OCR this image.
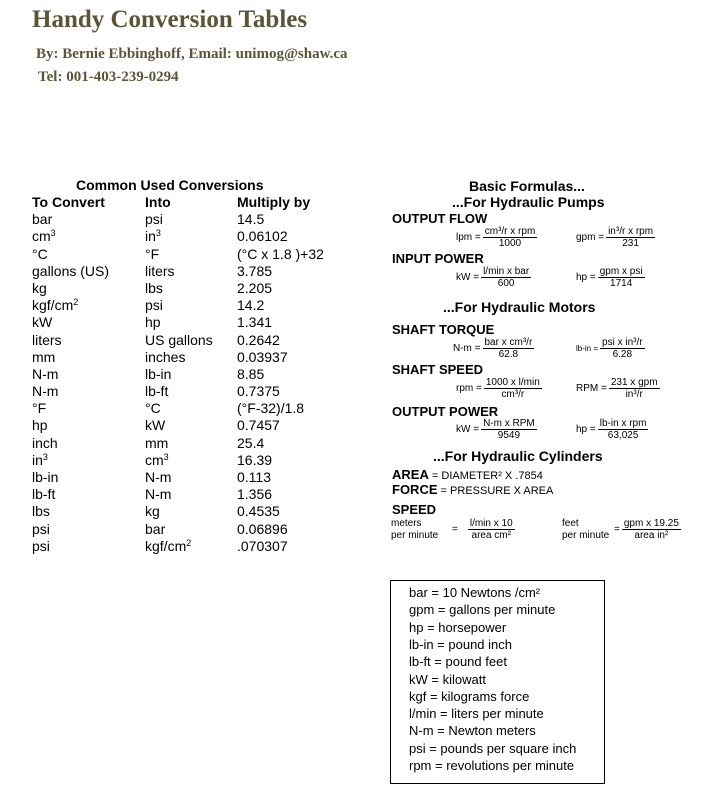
Handy Conversion Tables
By: Bernie Ebbinghoff, Email: unimog@shaw.ca
Tel: 001-403-239-0294
Common Used Conversions
To Convert	Into	Multiply by
bar	psi	14.5
$cm^3$	$in^3$	0.06102
°C	°F	(°C x 1.8 )+32
gallons (US)	liters	3.785
kg	lbs	2.205
kgf/$cm^2$	psi	14.2
kW	hp	1.341
liters	US gallons 0.2642
mm	inches	0.03937
N-m	lb-in	8.85
N-m	lb-ft	0.7375
°F	°C	(°F-32)/1.8
hp	kW	0.7457
inch	mm	25.4
$in^3$	$cm^3$	16.39
lb-in	N-m	0.113
lb-ft	N-m	1.356
lbs	kg	0.4535
psi	bar	0.06896
psi	kgf/$cm^2$	.070307
Basic Formulas...
...For Hydraulic Pumps
OUTPUT FLOW
lpm = $\frac{\text{cm³/r x rpm}}{1000}$	gpm = $\frac{\text{in³/r x rpm}}{231}$
INPUT POWER
kW = $\frac{\text{l/min x bar}}{600}$	hp = $\frac{\text{gpm x psi}}{1714}$
...For Hydraulic Motors
SHAFT TORQUE
$N-m = \frac{\text{bar x cm³/r}}{62.8}$	$lb-in = \frac{\text{psi x in³/r}}{6.28}$
SHAFT SPEED
rpm = $\frac{\text{1000 x l/min}}{\text{cm³/r}}$	RPM = $\frac{\text{231 x gpm}}{\text{in³/r}}$
OUTPUT POWER
kW = $\frac{\text{N-m x RPM}}{9549}$	hp = $\frac{\text{lb-in x rpm}}{63,025}$
...For Hydraulic Cylinders
AREA = DIAMETER² X .7854
FORCE = PRESSURE X AREA
SPEED
meters
per minute
= $\frac{\text{l/min x 10}}{\text{area cm²}}$	feet
per minute
= $\frac{\text{gpm x 19.25}}{\text{area in²}}$
bar = 10 Newtons /cm²
gpm = gallons per minute
hp = horsepower
lb-in = pound inch
lb-ft = pound feet
kW = kilowatt
kgf = kilograms force
l/min = liters per minute
N-m = Newton meters
psi = pounds per square inch
rpm = revolutions per minute
